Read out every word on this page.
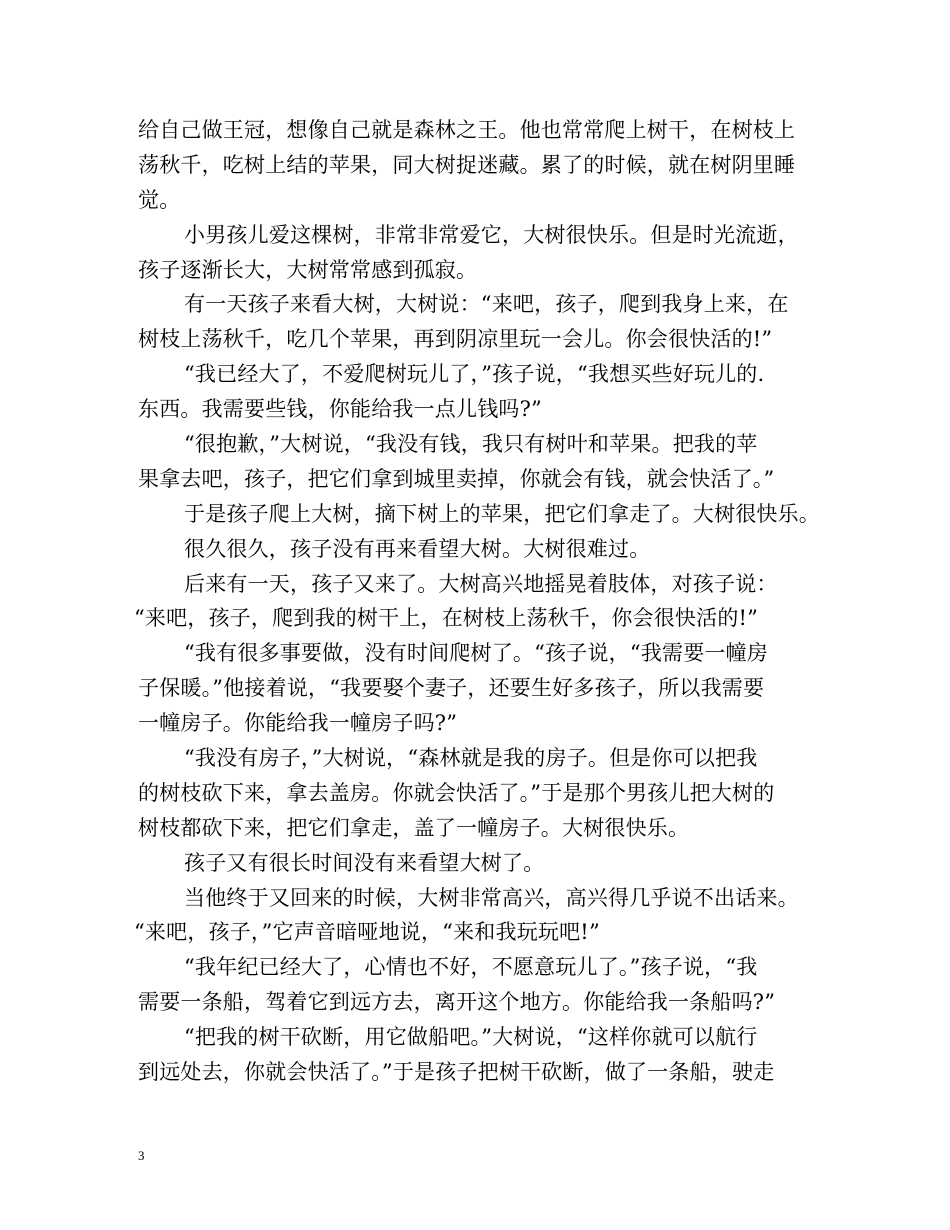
给自己做王冠，想像自己就是森林之王。他也常常爬上树干，在树枝上
荡秋千，吃树上结的苹果，同大树捉迷藏。累了的时候，就在树阴里睡
觉。
小男孩儿爱这棵树，非常非常爱它，大树很快乐。但是时光流逝，
孩子逐渐长大，大树常常感到孤寂。
有一天孩子来看大树，大树说：“来吧，孩子，爬到我身上来，在
树枝上荡秋千，吃几个苹果，再到阴凉里玩一会儿。你会很快活的!”
“我已经大了，不爱爬树玩儿了，”孩子说，“我想买些好玩儿的.
东西。我需要些钱，你能给我一点儿钱吗?”
“很抱歉，”大树说，“我没有钱，我只有树叶和苹果。把我的苹
果拿去吧，孩子，把它们拿到城里卖掉，你就会有钱，就会快活了。”
于是孩子爬上大树，摘下树上的苹果，把它们拿走了。大树很快乐。
很久很久，孩子没有再来看望大树。大树很难过。
后来有一天，孩子又来了。大树高兴地摇晃着肢体，对孩子说：
“来吧，孩子，爬到我的树干上，在树枝上荡秋千，你会很快活的!”
“我有很多事要做，没有时间爬树了。“孩子说，“我需要一幢房
子保暖。”他接着说，“我要娶个妻子，还要生好多孩子，所以我需要
一幢房子。你能给我一幢房子吗?”
“我没有房子，”大树说，“森林就是我的房子。但是你可以把我
的树枝砍下来，拿去盖房。你就会快活了。”于是那个男孩儿把大树的
树枝都砍下来，把它们拿走，盖了一幢房子。大树很快乐。
孩子又有很长时间没有来看望大树了。
当他终于又回来的时候，大树非常高兴，高兴得几乎说不出话来。
“来吧，孩子，”它声音暗哑地说，“来和我玩玩吧!”
“我年纪已经大了，心情也不好，不愿意玩儿了。”孩子说，“我
需要一条船，驾着它到远方去，离开这个地方。你能给我一条船吗?”
“把我的树干砍断，用它做船吧。”大树说，“这样你就可以航行
到远处去，你就会快活了。”于是孩子把树干砍断，做了一条船，驶走
3
